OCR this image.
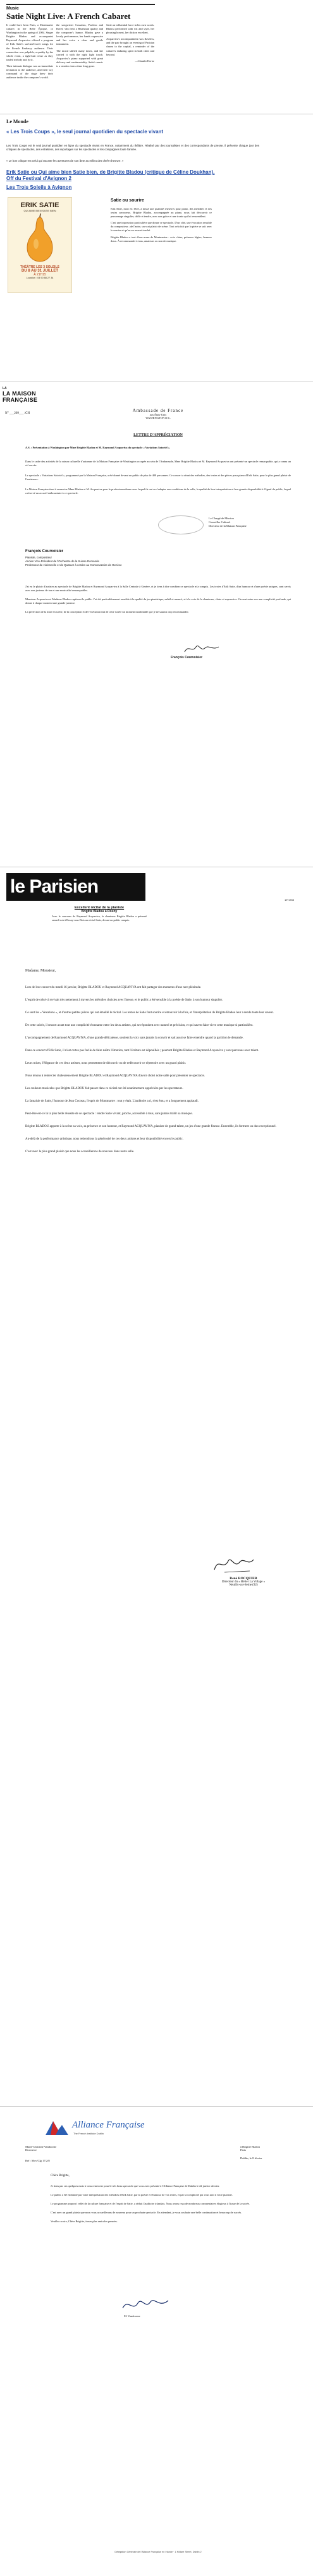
Music
Satie Night Live: A French Cabaret

It could have been Paris, a Montmartre cabaret in the Belle Époque, or Washington in the spring of 2004. Singer Brigitte Bladou and accompanist Raymond Acquaviva offered a program of Erik Satie's sad-and-sweet songs for the French Embassy audience. Their connection was palpable, a quality by the whole event, a tight-knit revue as they traded melody and lyric.

Their intimate dialogue was an immediate invitation to the audience, and their wry command of the stage drew their audience inside the composer's world.

the songwriter Cousteau, Poulenc and Ravel, who lent a Bluesman quality and the composer's humor. Bladou gave a lovely performance, her hands expressive and her voice a clear and gentle instrument.

The mood shifted many times, and she carried it with the right light touch. Acquaviva's piano supported with great delicacy and sentimentality. Satie's music is a window into a time long gone.

Satie an influential force in his own words. Bladou performed with wit and style, her phrasing honest, her diction excellent.

Acquaviva's accompaniment was flawless, and the pair brought an evening of Parisian charm to the capital, a reminder of the cabaret's enduring spirit in both cities and beyond.

—Claudia Horne

Le Monde
« Les Trois Coups », le seul journal quotidien du spectacle vivant

Les Trois Coups est le seul journal quotidien en ligne du spectacle vivant en France, notamment du théâtre. Réalisé par des journalistes et des correspondants de presse, il présente chaque jour des critiques de spectacles, des entretiens, des reportages sur les spectacles et les compagnies toute l'année.

« Le bon critique est celui qui raconte les aventures de son âme au milieu des chefs-d'œuvre. »

Erik Satie ou Qui aime bien Satie bien, de Brigitte Bladou (critique de Céline Doukhan), Off du Festival d'Avignon 2
Les Trois Soleils à Avignon
ERIK SATIE
QUI AIME BIEN SATIE BIEN
THÉÂTRE LES 3 SOLEILS
DU 8 AU 31 JUILLET
À 21H15
Location : 04 90 88 27 34
Satie ou sourire

Erik Satie, mort en 1925, a laissé une quantité d'œuvres pour piano, des mélodies et des textes savoureux. Brigitte Bladou, accompagnée au piano, nous fait découvrir ce personnage singulier, drôle et tendre, avec une grâce et une ironie qui lui ressemblent.

C'est une impression particulière que donne ce spectacle. D'un côté, une évocation sensible du compositeur ; de l'autre, un vrai plaisir de scène. Tout cela fait que la pièce se suit avec le sourire et qu'on en ressort touché.

Brigitte Bladou a tout d'une muse de Montmartre : voix claire, présence légère, humour doux. À recommander à tous, amateurs ou non de musique.

LA
LA MAISON FRANÇAISE
N° ___209___ /CH
Ambassade de France
aux États-Unis
WASHINGTON D.C.
LETTRE D'APPRÉCIATION

A.S. : Présentation à Washington par Mme Brigitte Bladou et M. Raymond Acquaviva du spectacle « Variations Satoriel ».

Dans le cadre des activités de la saison culturelle d'automne de la Maison Française de Washington occupée au sein de l'Ambassade, Mme Brigitte Bladou et M. Raymond Acquaviva ont présenté un spectacle remarquable, qui a connu un vif succès.

Le spectacle « Variations Satoriel », programmé par la Maison Française, a été donné devant un public de plus de 400 personnes. Ce concert a réuni des mélodies, des textes et des pièces pour piano d'Erik Satie, pour le plus grand plaisir de l'assistance.

La Maison Française tient à remercier Mme Bladou et M. Acquaviva pour le professionnalisme avec lequel ils ont su s'adapter aux conditions de la salle, la qualité de leur interprétation et leur grande disponibilité à l'égard du public, lequel a réservé un accueil enthousiaste à ce spectacle.

Le Chargé de Mission
Conseiller Culturel
Directeur de la Maison Française
François Courvoisier
Pianiste, compositeur
Ancien Vice-Président de l'Orchestre de la Suisse Romande
Professeur de violoncelle et de Quatuor à cordes au Conservatoire de Genève

J'ai eu le plaisir d'assister au spectacle de Brigitte Bladou et Raymond Acquaviva à la Salle Centrale à Genève, et je tiens à dire combien ce spectacle m'a conquis. Les textes d'Erik Satie, d'un humour et d'une poésie uniques, sont servis avec une justesse de ton et une musicalité remarquables.

Monsieur Acquaviva et Madame Bladou captivent le public. J'ai été particulièrement sensible à la qualité du jeu pianistique, subtil et nuancé, et à la voix de la chanteuse, claire et expressive. On sent entre eux une complicité profonde, qui donne à chaque moment une grande justesse.

La perfection de la mise en scène, de la conception et de l'exécution fait de cette soirée un moment inoubliable que je ne saurais trop recommander.

François Courvoisier
le Parisien
19°1783
Excellent récital de la pianiste
Brigitte Bladou à Rosny

Avec le concours de Raymond Acquaviva, la chanteuse Brigitte Bladou a présenté samedi soir à Rosny-sous-Bois un récital Satie, devant un public conquis.

Madame, Monsieur,

Lors de leur concert du mardi 16 janvier, Brigitte BLADOU et Raymond ACQUAVIVA ont fait partager des moments d'une rare plénitude.

L'esprit de celui-ci revivait très nettement à travers les mélodies choisies avec finesse, et le public a été sensible à la poésie de Satie, à son humour singulier.

Ce sont les « Vexations », et d'autres petites pièces qui ont émaillé le récital. Les textes de Satie font sourire et émouvoir à la fois, et l'interprétation de Brigitte Bladou leur a rendu toute leur saveur.

De cette soirée, il ressort avant tout une complicité étonnante entre les deux artistes, qui se répondent avec naturel et précision, et qui savent faire vivre cette musique si particulière.

L'accompagnement de Raymond ACQUAVIVA, d'une grande délicatesse, soutient la voix sans jamais la couvrir et sait aussi se faire entendre quand la partition le demande.

Dans ce concert d'Erik Satie, il n'est certes pas facile de faire naître l'émotion, tant l'écriture est dépouillée ; pourtant Brigitte Bladou et Raymond Acquaviva y sont parvenus avec talent.

Leurs mises, l'élégance de ces deux artistes, nous permettent de découvrir ou de redécouvrir ce répertoire avec un grand plaisir.

Nous tenons à remercier chaleureusement Brigitte BLADOU et Raymond ACQUAVIVA d'avoir choisi notre salle pour présenter ce spectacle.

Les couleurs musicales que Brigitte BLADOU fait passer dans ce récital ont été unanimement appréciées par les spectateurs.

La fantaisie de Satie, l'humour de Jean Cocteau, l'esprit de Montmartre : tout y était. L'auditoire a ri, s'est ému, et a longuement applaudi.

Peut-être est-ce là la plus belle réussite de ce spectacle : rendre Satie vivant, proche, accessible à tous, sans jamais trahir sa musique.

Brigitte BLADOU apporte à la scène sa voix, sa présence et son humour, et Raymond ACQUAVIVA, pianiste de grand talent, un jeu d'une grande finesse. Ensemble, ils forment un duo exceptionnel.

Au-delà de la performance artistique, nous retiendrons la générosité de ces deux artistes et leur disponibilité envers le public.

C'est avec le plus grand plaisir que nous les accueillerons de nouveau dans notre salle.

René ROCQUIER
Directeur du « Bélier La Village »
Neuilly-sur-Seine (92)
Alliance Française
The French Institute Dublin
Marie-Christine Vandoorne
Directrice
à Brigitte Bladou
Paris
Dublin, le 8 février
Ref : Mcv/Clg 17/2/8
Chère Brigitte,

Je tiens par ces quelques mots à vous remercier pour le très beau spectacle que vous avez présenté à l'Alliance Française de Dublin le 22 janvier dernier.

Le public a été enchanté par votre interprétation des mélodies d'Erik Satie, par la poésie et l'humour de vos textes, et par la complicité qui vous unit à votre pianiste.

Le programme proposé, reflet de la culture française et de l'esprit de Satie, a séduit l'auditoire irlandais. Nous avons reçu de nombreux commentaires élogieux à l'issue de la soirée.

C'est avec un grand plaisir que nous vous accueillerons de nouveau pour un prochain spectacle. En attendant, je vous souhaite une belle continuation et beaucoup de succès.

Veuillez croire, Chère Brigitte, à mes plus amicales pensées.

M. Vandoorne
Délégation Générale de l'Alliance Française en Irlande · 1 Kildare Street, Dublin 2
